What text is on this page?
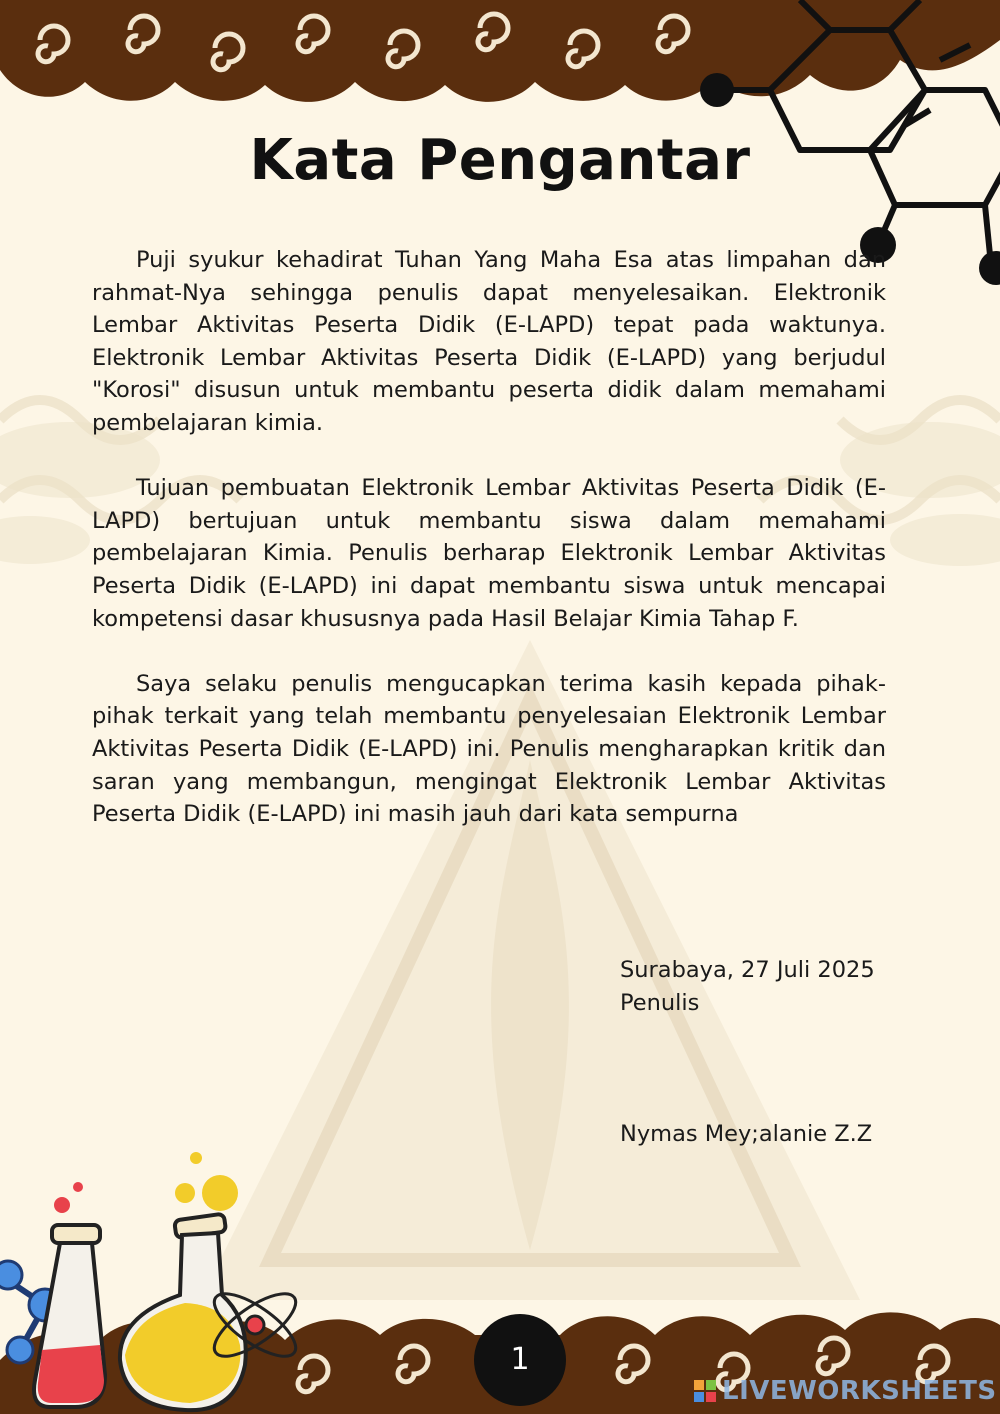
Kata Pengantar

Puji syukur kehadirat Tuhan Yang Maha Esa atas limpahan dan rahmat-Nya sehingga penulis dapat menyelesaikan. Elektronik Lembar Aktivitas Peserta Didik (E-LAPD) tepat pada waktunya. Elektronik Lembar Aktivitas Peserta Didik (E-LAPD) yang berjudul "Korosi" disusun untuk membantu peserta didik dalam memahami pembelajaran kimia.

Tujuan pembuatan Elektronik Lembar Aktivitas Peserta Didik (E-LAPD) bertujuan untuk membantu siswa dalam memahami pembelajaran Kimia. Penulis berharap Elektronik Lembar Aktivitas Peserta Didik (E-LAPD) ini dapat membantu siswa untuk mencapai kompetensi dasar khususnya pada Hasil Belajar Kimia Tahap F.

Saya selaku penulis mengucapkan terima kasih kepada pihak-pihak terkait yang telah membantu penyelesaian Elektronik Lembar Aktivitas Peserta Didik (E-LAPD) ini. Penulis mengharapkan kritik dan saran yang membangun, mengingat Elektronik Lembar Aktivitas Peserta Didik (E-LAPD) ini masih jauh dari kata sempurna

Surabaya, 27 Juli 2025
Penulis
Nymas Mey;alanie Z.Z
1
LIVEWORKSHEETS
